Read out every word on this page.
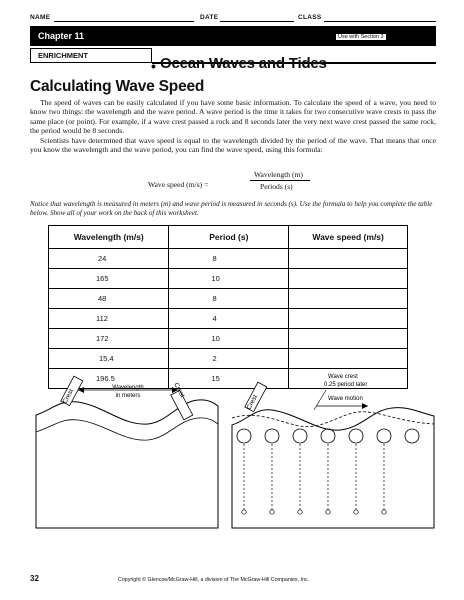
NAME	DATE	CLASS
Chapter 11	Use with Section 3
ENRICHMENT
• Ocean Waves and Tides
Calculating Wave Speed

The speed of waves can be easily calculated if you have some basic information. To calculate the speed of a wave, you need to know two things: the wavelength and the wave period. A wave period is the time it takes for two consecutive wave crests to pass the same place (or point). For example, if a wave crest passed a rock and 8 seconds later the very next wave crest passed the same rock, the period would be 8 seconds.

Scientists have determined that wave speed is equal to the wavelength divided by the period of the wave. That means that once you know the wavelength and the wave period, you can find the wave speed, using this formula:

Wave speed (m/s) =
Wavelength (m)
Periods (s)
Notice that wavelength is measured in meters (m) and wave period is measured in seconds (s). Use the formula to help you complete the table below. Show all of your work on the back of this worksheet.
Wavelength (m/s)	Period (s)	Wave speed (m/s)
24	8	
165	10	
48	8	
112	4	
172	10	
15.4	2	
196.5	15	
Crest	Crest
Wavelength
in meters	Crest
Wave crest
0.25 period later
Wave motion
32	Copyright © Glencoe/McGraw-Hill, a division of The McGraw-Hill Companies, Inc.
